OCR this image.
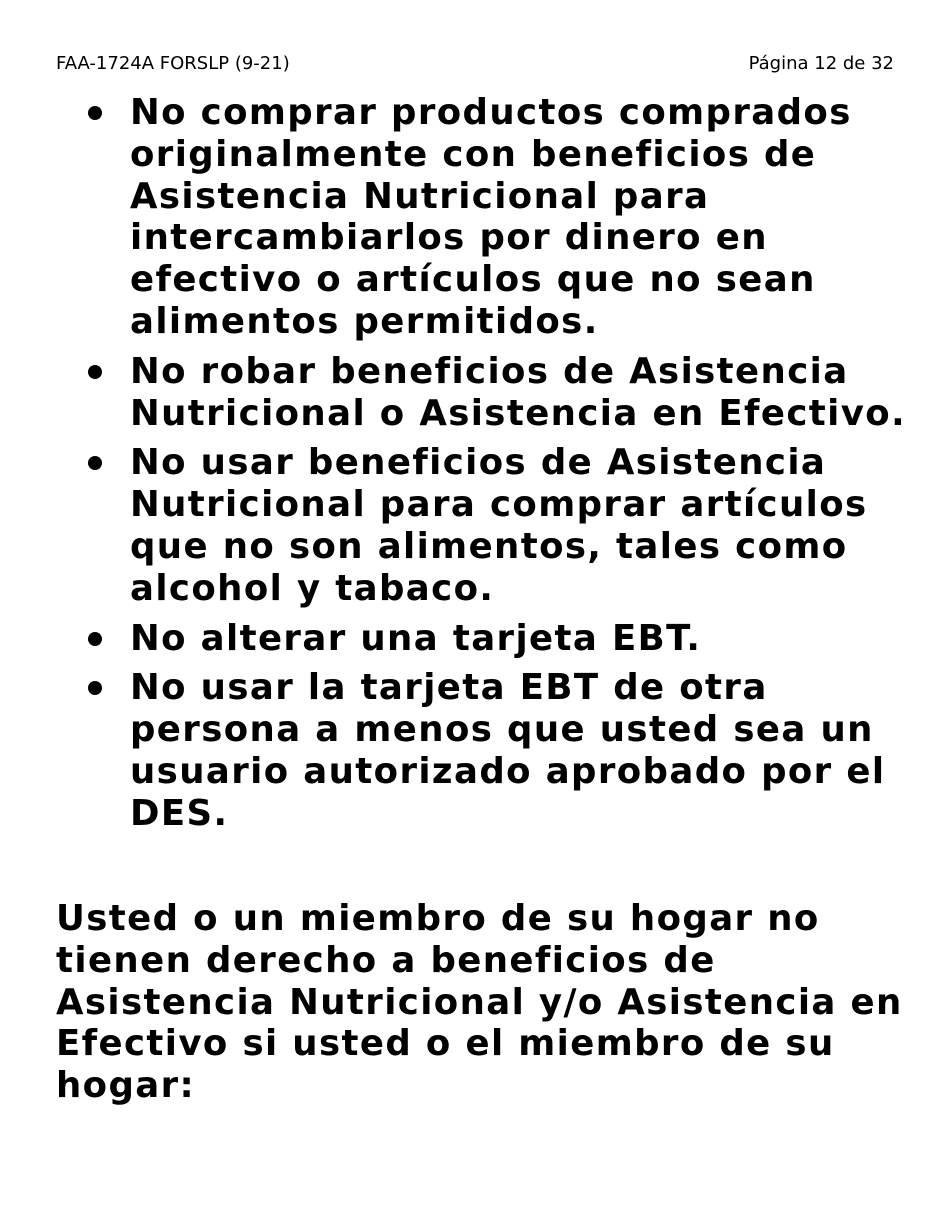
FAA-1724A FORSLP (9-21)	Página 12 de 32
No comprar productos comprados originalmente con beneficios de Asistencia Nutricional para intercambiarlos por dinero en efectivo o artículos que no sean alimentos permitidos.
No robar beneficios de Asistencia Nutricional o Asistencia en Efectivo.
No usar beneficios de Asistencia Nutricional para comprar artículos que no son alimentos, tales como alcohol y tabaco.
No alterar una tarjeta EBT.
No usar la tarjeta EBT de otra persona a menos que usted sea un usuario autorizado aprobado por el DES.

Usted o un miembro de su hogar no tienen derecho a beneficios de Asistencia Nutricional y/o Asistencia en Efectivo si usted o el miembro de su hogar:
